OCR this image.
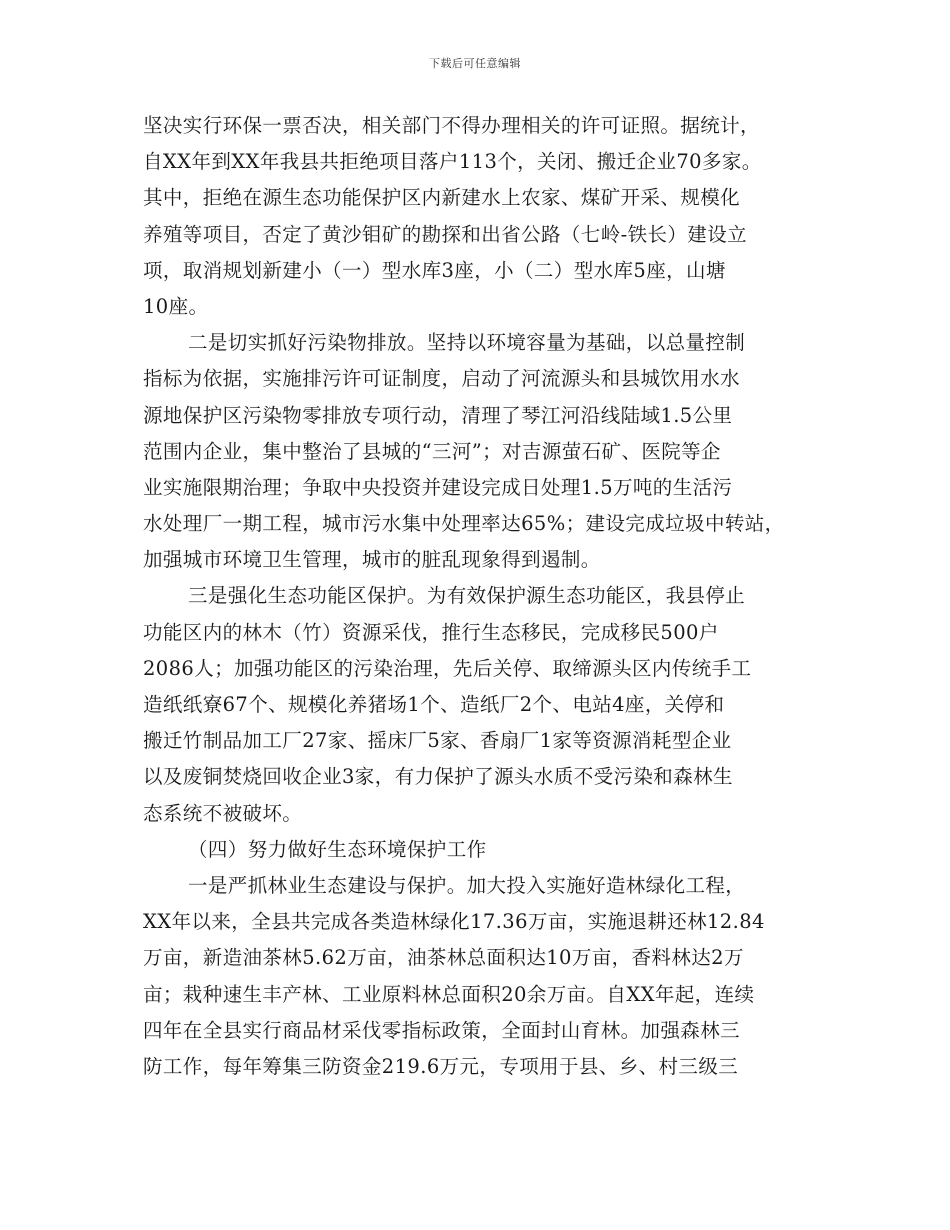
下载后可任意编辑
坚决实行环保一票否决，相关部门不得办理相关的许可证照。据统计，
自XX年到XX年我县共拒绝项目落户113个，关闭、搬迁企业70多家。
其中，拒绝在源生态功能保护区内新建水上农家、煤矿开采、规模化
养殖等项目，否定了黄沙钼矿的勘探和出省公路（七岭-铁长）建设立
项，取消规划新建小（一）型水库3座，小（二）型水库5座，山塘
10座。
二是切实抓好污染物排放。坚持以环境容量为基础，以总量控制
指标为依据，实施排污许可证制度，启动了河流源头和县城饮用水水
源地保护区污染物零排放专项行动，清理了琴江河沿线陆域1.5公里
范围内企业，集中整治了县城的“三河”；对吉源萤石矿、医院等企
业实施限期治理；争取中央投资并建设完成日处理1.5万吨的生活污
水处理厂一期工程，城市污水集中处理率达65%；建设完成垃圾中转站，
加强城市环境卫生管理，城市的脏乱现象得到遏制。
三是强化生态功能区保护。为有效保护源生态功能区，我县停止
功能区内的林木（竹）资源采伐，推行生态移民，完成移民500户
2086人；加强功能区的污染治理，先后关停、取缔源头区内传统手工
造纸纸寮67个、规模化养猪场1个、造纸厂2个、电站4座，关停和
搬迁竹制品加工厂27家、摇床厂5家、香扇厂1家等资源消耗型企业
以及废铜焚烧回收企业3家，有力保护了源头水质不受污染和森林生
态系统不被破坏。
（四）努力做好生态环境保护工作
一是严抓林业生态建设与保护。加大投入实施好造林绿化工程，
XX年以来，全县共完成各类造林绿化17.36万亩，实施退耕还林12.84
万亩，新造油茶林5.62万亩，油茶林总面积达10万亩，香料林达2万
亩；栽种速生丰产林、工业原料林总面积20余万亩。自XX年起，连续
四年在全县实行商品材采伐零指标政策，全面封山育林。加强森林三
防工作，每年筹集三防资金219.6万元，专项用于县、乡、村三级三
